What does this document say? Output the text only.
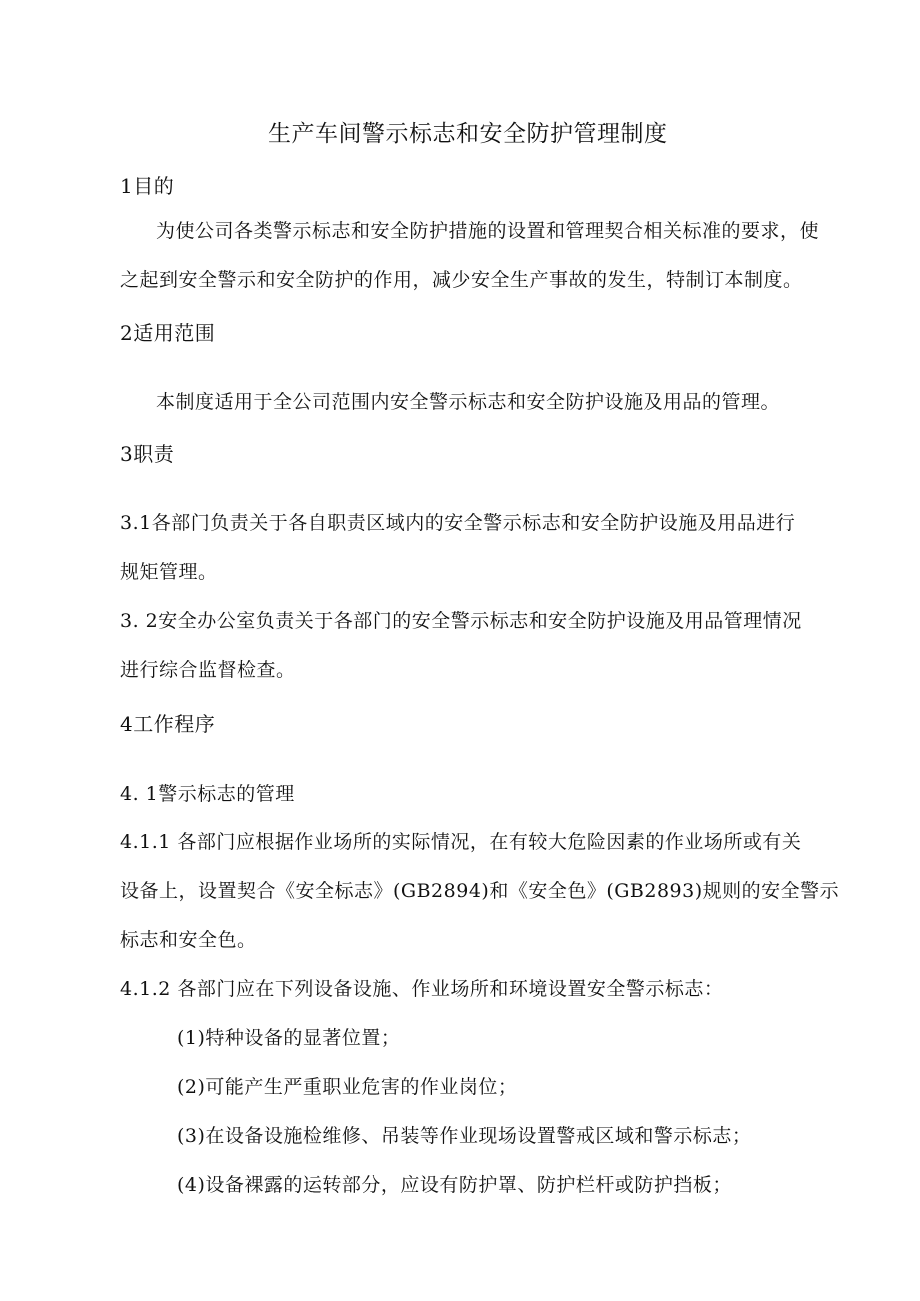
生产车间警示标志和安全防护管理制度
1目的
为使公司各类警示标志和安全防护措施的设置和管理契合相关标准的要求，使
之起到安全警示和安全防护的作用，减少安全生产事故的发生，特制订本制度。
2适用范围
本制度适用于全公司范围内安全警示标志和安全防护设施及用品的管理。
3职责
3.1各部门负责关于各自职责区域内的安全警示标志和安全防护设施及用品进行
规矩管理。
3. 2安全办公室负责关于各部门的安全警示标志和安全防护设施及用品管理情况
进行综合监督检查。
4工作程序
4. 1警示标志的管理
4.1.1 各部门应根据作业场所的实际情况，在有较大危险因素的作业场所或有关
设备上，设置契合《安全标志》(GB2894)和《安全色》(GB2893)规则的安全警示
标志和安全色。
4.1.2 各部门应在下列设备设施、作业场所和环境设置安全警示标志：
(1)特种设备的显著位置；
(2)可能产生严重职业危害的作业岗位；
(3)在设备设施检维修、吊装等作业现场设置警戒区域和警示标志；
(4)设备裸露的运转部分，应设有防护罩、防护栏杆或防护挡板；
